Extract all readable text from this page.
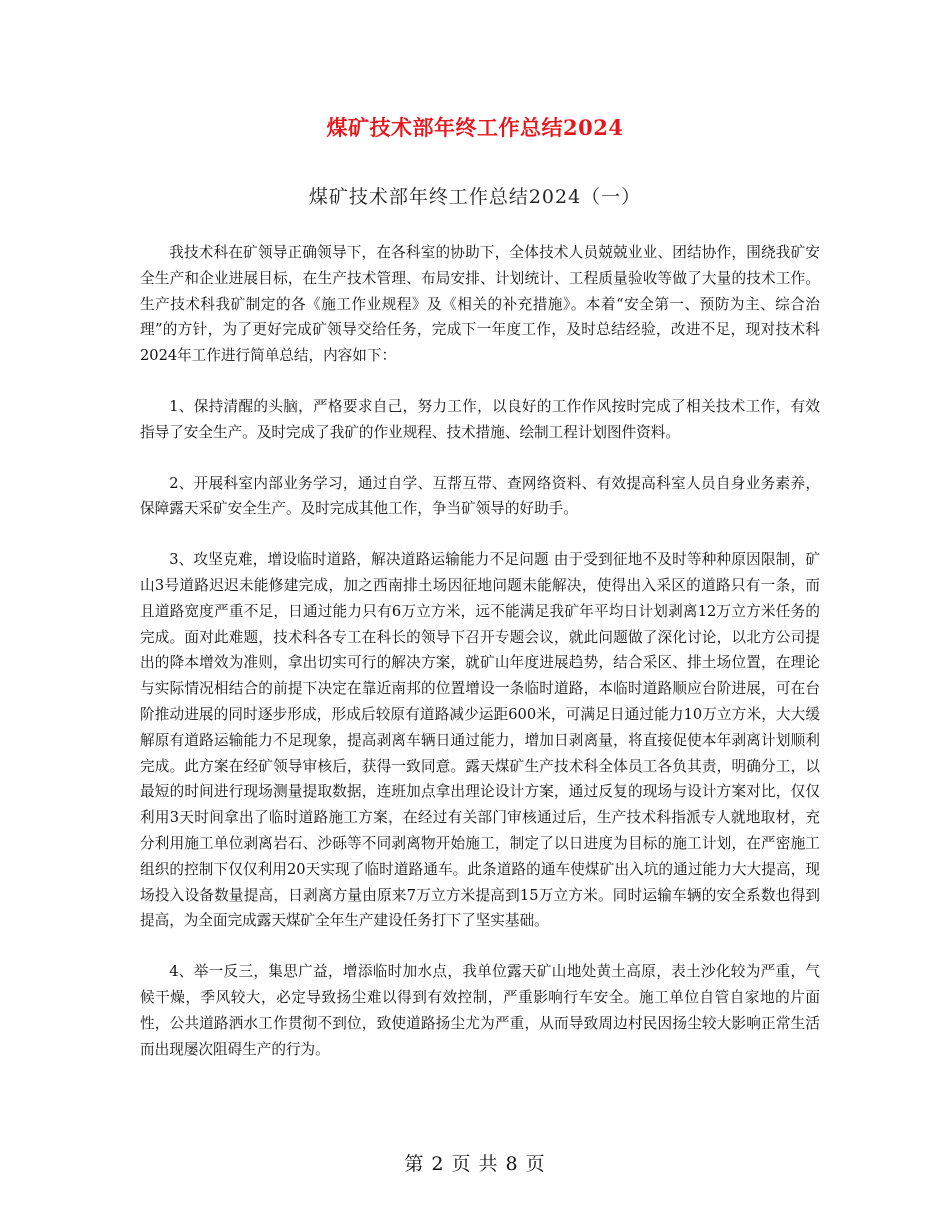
煤矿技术部年终工作总结2024
煤矿技术部年终工作总结2024（一）

我技术科在矿领导正确领导下，在各科室的协助下，全体技术人员兢兢业业、团结协作，围绕我矿安全生产和企业进展目标，在生产技术管理、布局安排、计划统计、工程质量验收等做了大量的技术工作。生产技术科我矿制定的各《施工作业规程》及《相关的补充措施》。本着“安全第一、预防为主、综合治理”的方针，为了更好完成矿领导交给任务，完成下一年度工作，及时总结经验，改进不足，现对技术科2024年工作进行简单总结，内容如下：

1、保持清醒的头脑，严格要求自己，努力工作，以良好的工作作风按时完成了相关技术工作，有效指导了安全生产。及时完成了我矿的作业规程、技术措施、绘制工程计划图件资料。

2、开展科室内部业务学习，通过自学、互帮互带、查网络资料、有效提高科室人员自身业务素养，保障露天采矿安全生产。及时完成其他工作，争当矿领导的好助手。

3、攻坚克难，增设临时道路，解决道路运输能力不足问题 由于受到征地不及时等种种原因限制，矿山3号道路迟迟未能修建完成，加之西南排土场因征地问题未能解决，使得出入采区的道路只有一条，而且道路宽度严重不足，日通过能力只有6万立方米，远不能满足我矿年平均日计划剥离12万立方米任务的完成。面对此难题，技术科各专工在科长的领导下召开专题会议，就此问题做了深化讨论，以北方公司提出的降本增效为准则，拿出切实可行的解决方案，就矿山年度进展趋势，结合采区、排土场位置，在理论与实际情况相结合的前提下决定在靠近南邦的位置增设一条临时道路，本临时道路顺应台阶进展，可在台阶推动进展的同时逐步形成，形成后较原有道路减少运距600米，可满足日通过能力10万立方米，大大缓解原有道路运输能力不足现象，提高剥离车辆日通过能力，增加日剥离量，将直接促使本年剥离计划顺利完成。此方案在经矿领导审核后，获得一致同意。露天煤矿生产技术科全体员工各负其责，明确分工，以最短的时间进行现场测量提取数据，连班加点拿出理论设计方案，通过反复的现场与设计方案对比，仅仅利用3天时间拿出了临时道路施工方案，在经过有关部门审核通过后，生产技术科指派专人就地取材，充分利用施工单位剥离岩石、沙砾等不同剥离物开始施工，制定了以日进度为目标的施工计划，在严密施工组织的控制下仅仅利用20天实现了临时道路通车。此条道路的通车使煤矿出入坑的通过能力大大提高，现场投入设备数量提高，日剥离方量由原来7万立方米提高到15万立方米。同时运输车辆的安全系数也得到提高，为全面完成露天煤矿全年生产建设任务打下了坚实基础。

4、举一反三，集思广益，增添临时加水点，我单位露天矿山地处黄土高原，表土沙化较为严重，气候干燥，季风较大，必定导致扬尘难以得到有效控制，严重影响行车安全。施工单位自管自家地的片面性，公共道路洒水工作贯彻不到位，致使道路扬尘尤为严重，从而导致周边村民因扬尘较大影响正常生活而出现屡次阻碍生产的行为。

第 2 页 共 8 页
